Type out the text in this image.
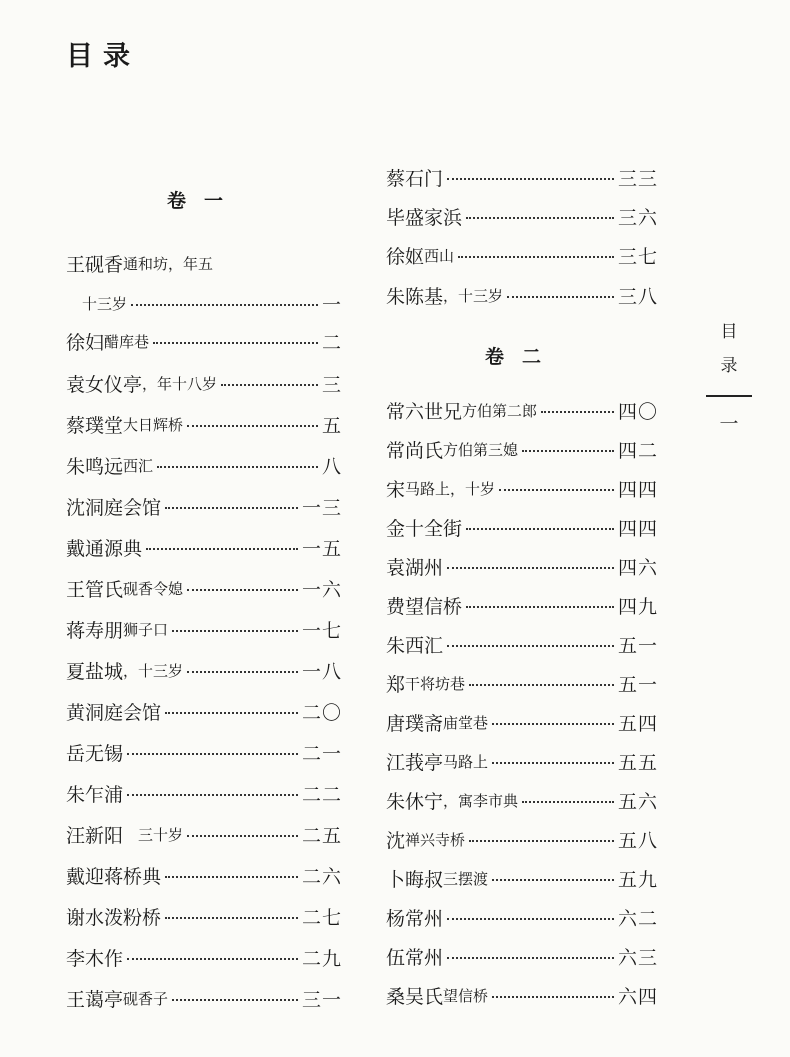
目录
卷一
王砚香 通和坊，年五
十三岁	一
徐妇 醋库巷	二
袁女仪亭 ，年十八岁	三
蔡璞堂 大日辉桥	五
朱鸣远 西汇	八
沈洞庭会馆	一三
戴通源典	一五
王管氏 砚香令媳	一六
蒋寿朋 狮子口	一七
夏盐城 ，十三岁	一八
黄洞庭会馆	二〇
岳无锡	二一
朱乍浦	二二
汪新阳 　三十岁	二五
戴迎蒋桥典	二六
谢水泼粉桥	二七
李木作	二九
王蔼亭 砚香子	三一
蔡石门	三三
毕盛家浜	三六
徐妪 西山	三七
朱陈基 ，十三岁	三八
卷二
常六世兄 方伯第二郎	四〇
常尚氏 方伯第三媳	四二
宋 马路上，十岁	四四
金十全街	四四
袁湖州	四六
费望信桥	四九
朱西汇	五一
郑 干将坊巷	五一
唐璞斋 庙堂巷	五四
江莪亭 马路上	五五
朱休宁 ，寓李市典	五六
沈 禅兴寺桥	五八
卜晦叔 三摆渡	五九
杨常州	六二
伍常州	六三
桑吴氏 望信桥	六四
目
录
一
